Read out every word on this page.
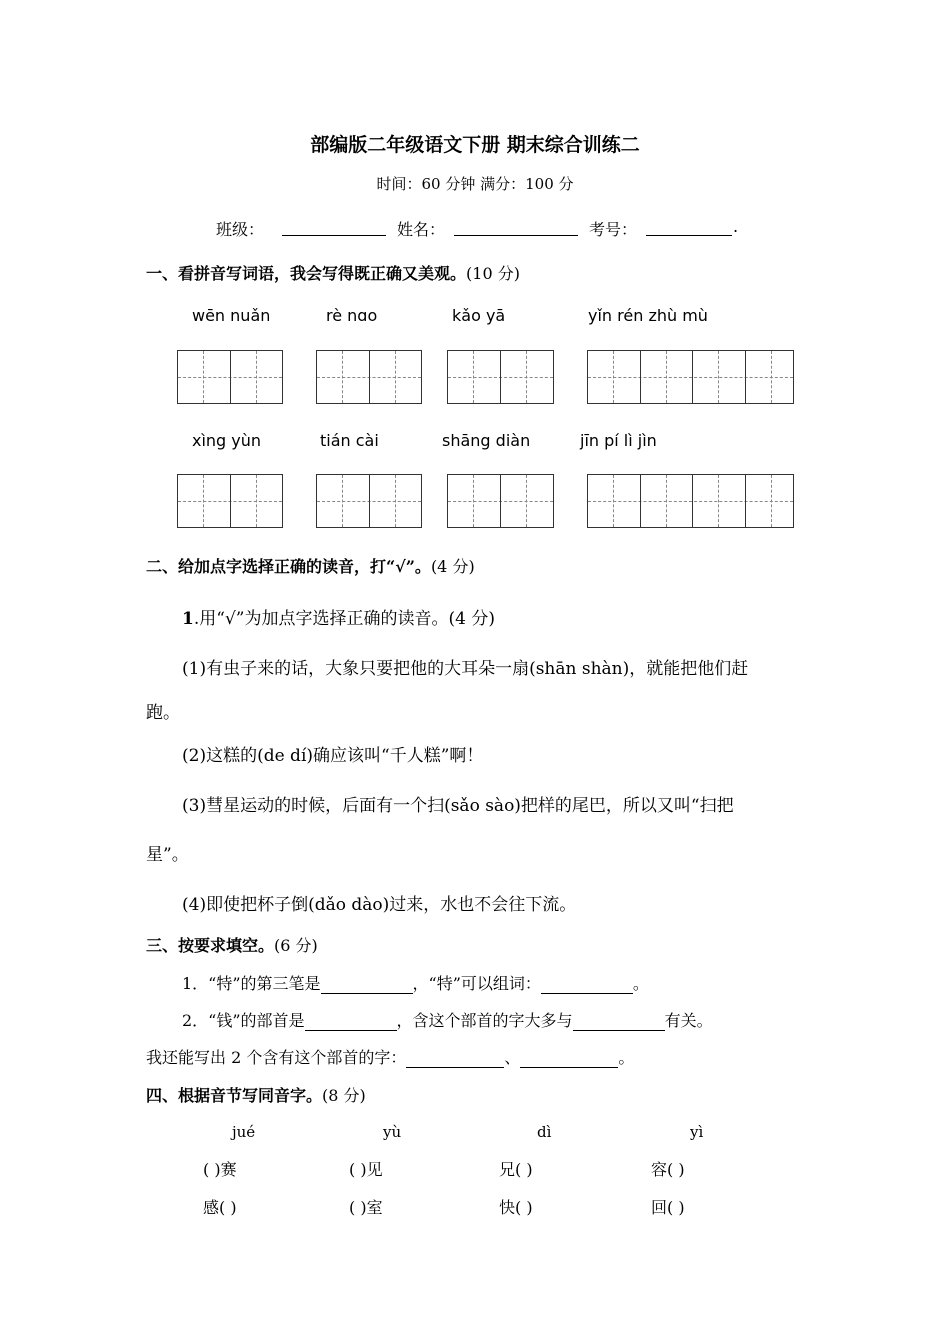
部编版二年级语文下册 期末综合训练二
时间：60 分钟 满分：100 分
班级：	姓名：	考号：	.
一、看拼音写词语，我会写得既正确又美观。(10 分)
wēn nuǎn	rè nɑo	kǎo yā	yǐn rén zhù mù
xìng yùn	tián cài	shāng diàn	jīn pí lì jìn
二、给加点字选择正确的读音，打“√”。(4 分)
1.用“√”为加点字选择正确的读音。(4 分)
(1)有虫子来的话，大象只要把他的大耳朵一扇(shān shàn)，就能把他们赶
跑。
(2)这糕的(de dí)确应该叫“千人糕”啊！
(3)彗星运动的时候，后面有一个扫(sǎo sào)把样的尾巴，所以又叫“扫把
星”。
(4)即使把杯子倒(dǎo dào)过来，水也不会往下流。
三、按要求填空。(6 分)
1．“特”的第三笔是	，“特”可以组词：	。
2．“钱”的部首是	，含这个部首的字大多与	有关。
我还能写出 2 个含有这个部首的字：	、	。
四、根据音节写同音字。(8 分)
jué	yù	dì	yì
( )赛	( )见	兄( )	容( )
感( )	( )室	快( )	回( )
